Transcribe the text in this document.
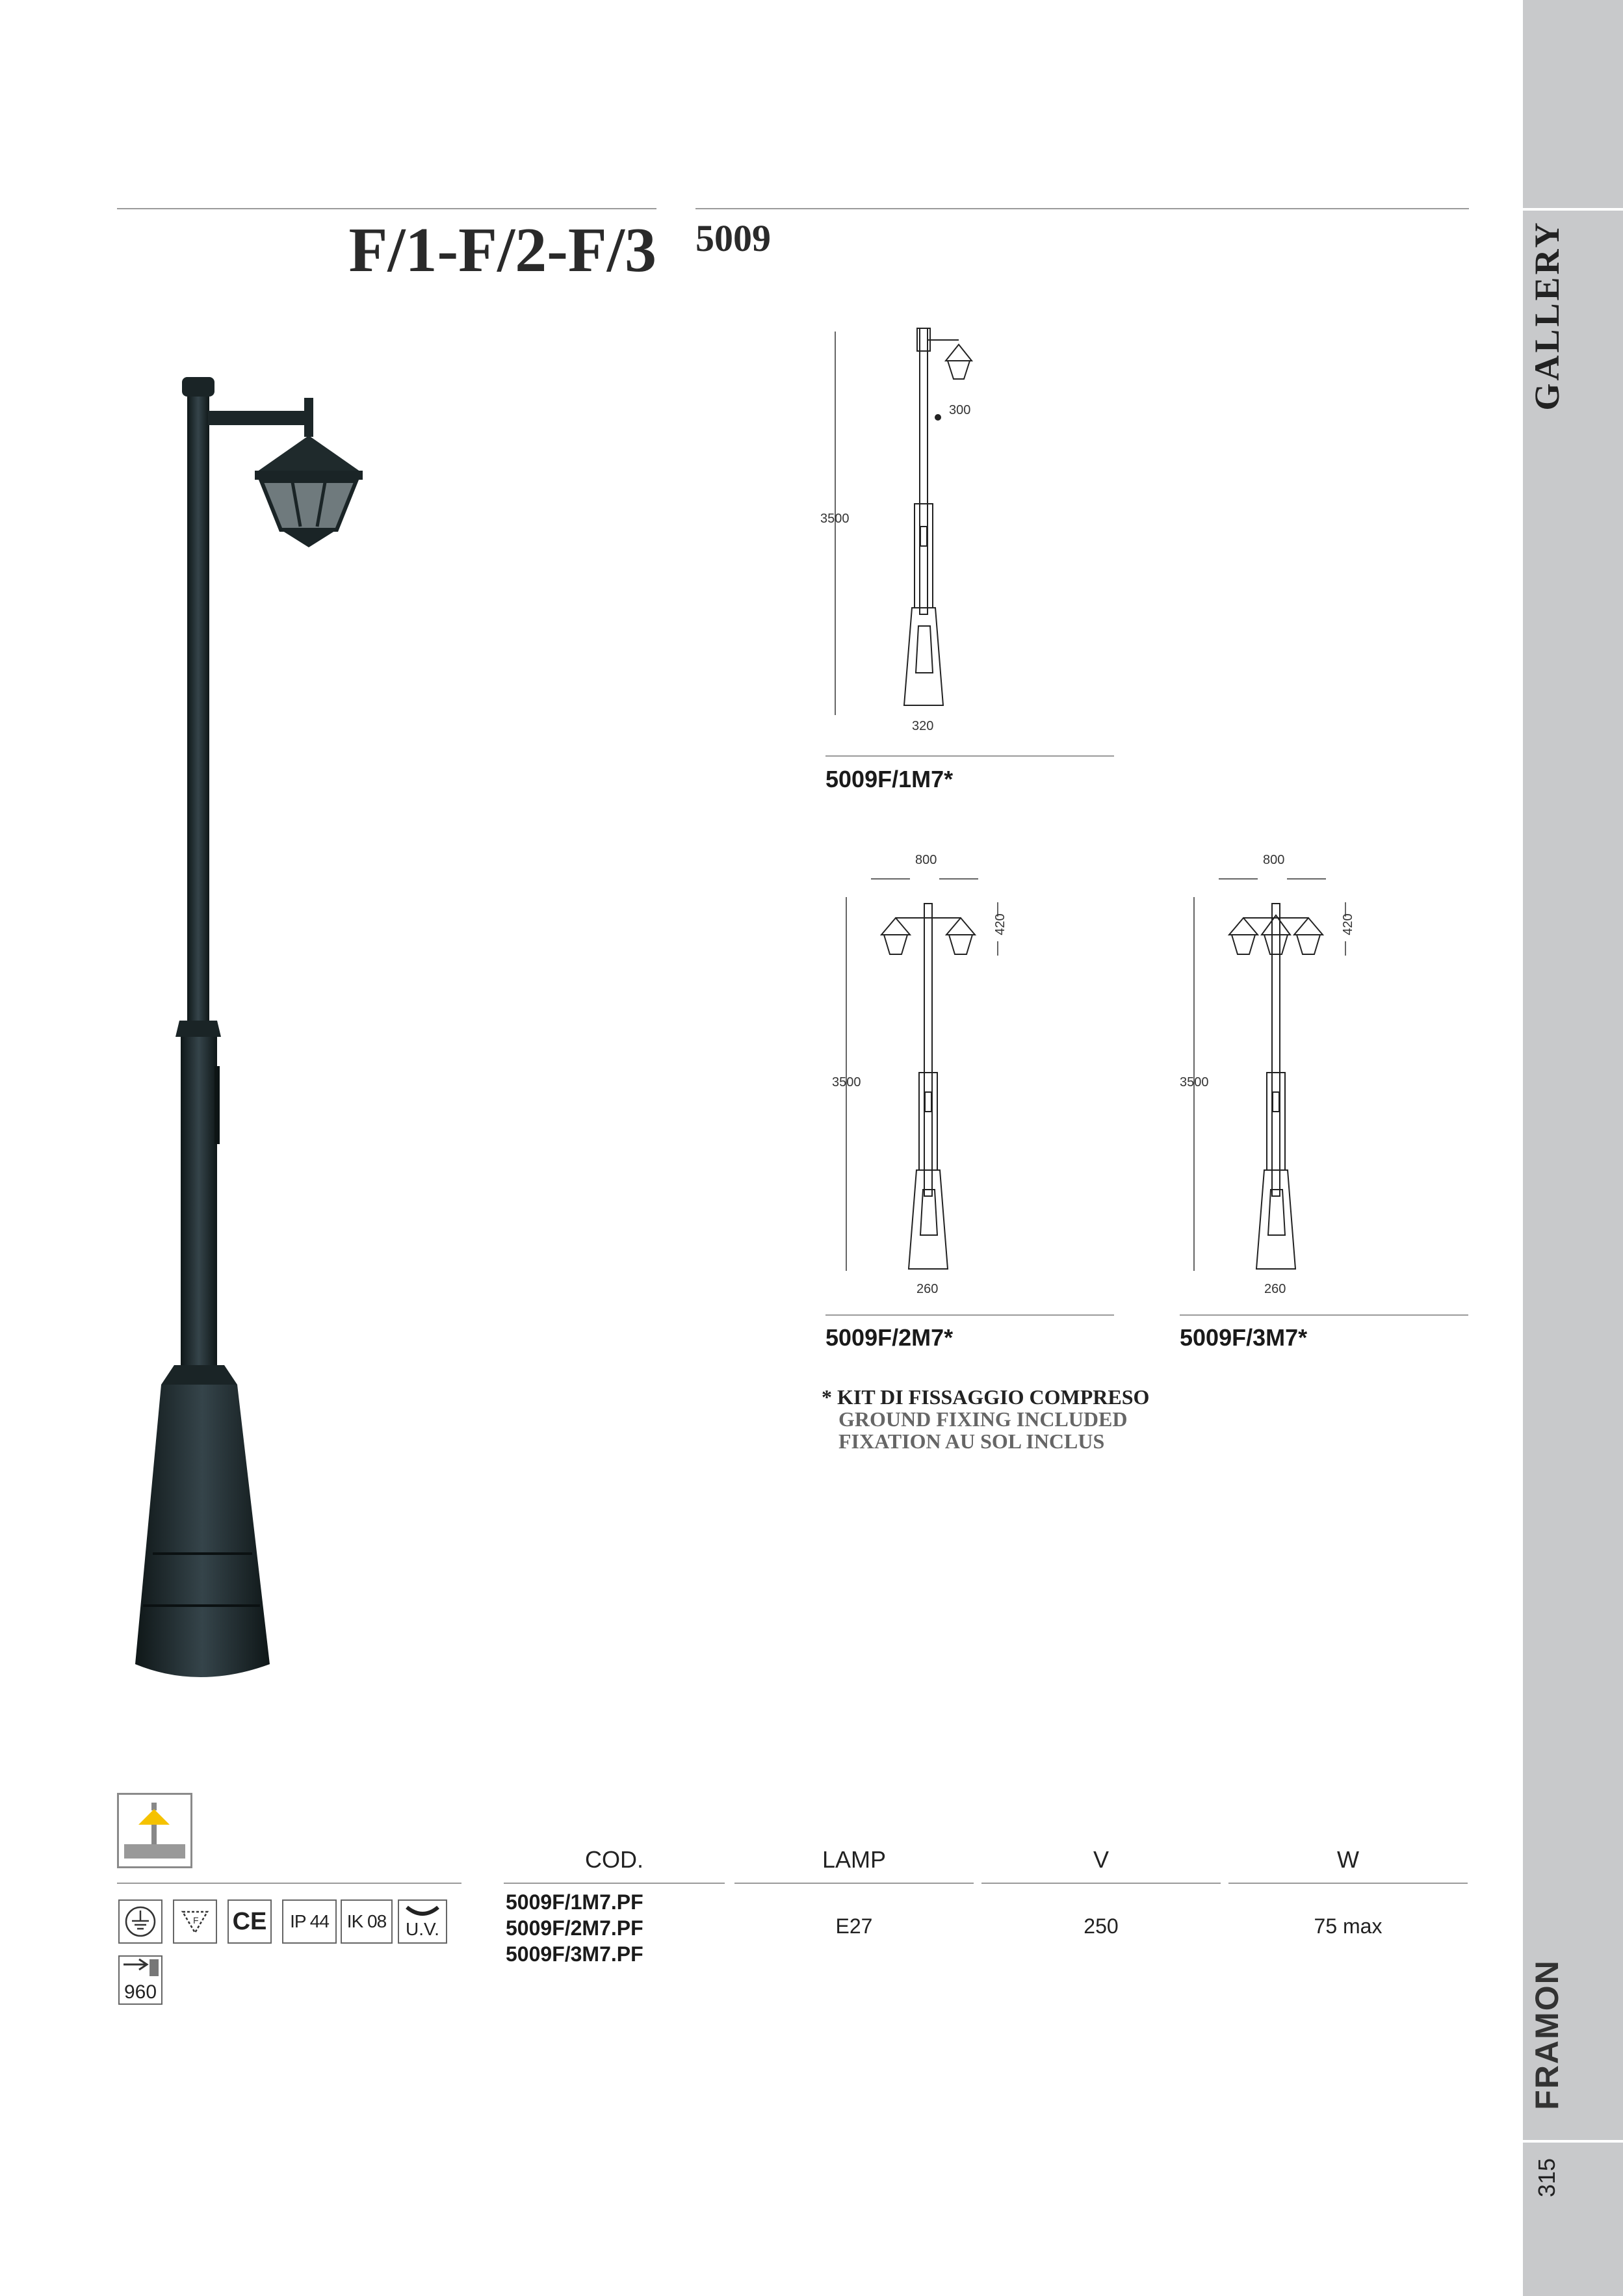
GALLERY
FRAMON
315
F/1-F/2-F/3 5009
3500
300
320
5009F/1M7*
800
420
3500
260
5009F/2M7*
800
420
3500
260
5009F/3M7*
* KIT DI FISSAGGIO COMPRESO
GROUND FIXING INCLUDED
FIXATION AU SOL INCLUS
F CE	IP 44 IK 08	U.V.
960
COD.	LAMP	V	W
5009F/1M7.PF
5009F/2M7.PF
5009F/3M7.PF
E27	250	75 max
